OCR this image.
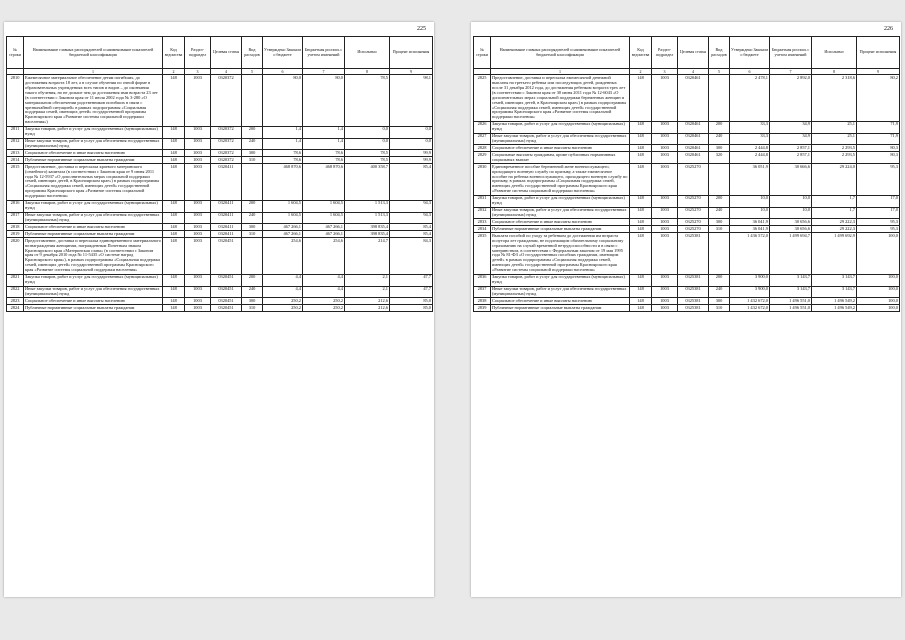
225
№ строки	Наименование главных распорядителей и наименование показателей бюджетной классификации	Код ведомства	Раздел-подраздел	Целевая статья	Вид расходов	Утверждено Законом о бюджете	Бюджетная роспись с учетом изменений	Исполнено	Процент исполнения
	1	2	3	4	5	6	7	8	9
2810	Ежемесячное материальное обеспечение детям погибших, до достижения возраста 18 лет, а в случае обучения по очной форме в образовательных учреждениях всех типов и видов – до окончания такого обучения, но не дольше чем до достижения ими возраста 23 лет (в соответствии с Законом края от 11 июля 2002 года № 3-280 «О материальном обеспечении родственников погибших в связи с чрезвычайной ситуацией» в рамках подпрограммы «Социальная поддержка семей, имеющих детей» государственной программы Красноярского края «Развитие системы социальной поддержки населения»)	148	1003	0320372		80,0	80,0	78,5	98,1
2811	Закупка товаров, работ и услуг для государственных (муниципальных) нужд	148	1003	0320372	200	1,4	1,4	0,0	0,0
2812	Иные закупки товаров, работ и услуг для обеспечения государственных (муниципальных) нужд	148	1003	0320372	240	1,4	1,4	0,0	0,0
2813	Социальное обеспечение и иные выплаты населению	148	1003	0320372	300	78,6	78,6	78,5	99,9
2814	Публичные нормативные социальные выплаты гражданам	148	1003	0320372	310	78,6	78,6	78,5	99,9
2815	Предоставление, доставка и пересылка краевого материнского (семейного) капитала (в соответствии с Законом края от 9 июня 2011 года № 12-5937 «О дополнительных мерах социальной поддержки семей, имеющих детей, в Красноярском крае») в рамках подпрограммы «Социальная поддержка семей, имеющих детей» государственной программы Красноярского края «Развитие системы социальной поддержки населения»	148	1003	0320411		468 870,6	468 870,6	400 358,7	85,4
2816	Закупка товаров, работ и услуг для государственных (муниципальных) нужд	148	1003	0320411	200	1 604,5	1 604,5	1 513,3	94,3
2817	Иные закупки товаров, работ и услуг для обеспечения государственных (муниципальных) нужд	148	1003	0320411	240	1 604,5	1 604,5	1 513,3	94,3
2818	Социальное обеспечение и иные выплаты населению	148	1003	0320411	300	467 266,1	467 266,1	398 835,4	85,4
2819	Публичные нормативные социальные выплаты гражданам	148	1003	0320411	310	467 266,1	467 266,1	398 835,4	85,4
2820	Предоставление, доставка и пересылка единовременного материального вознаграждения женщинам, награжденным Почетным знаком Красноярского края «Материнская слава» (в соответствии с Законом края от 9 декабря 2010 года № 11-5435 «О системе наград Красноярского края»), в рамках подпрограммы «Социальная поддержка семей, имеющих детей» государственной программы Красноярского края «Развитие системы социальной поддержки населения»	148	1003	0320451		254,6	254,6	214,7	84,3
2821	Закупка товаров, работ и услуг для государственных (муниципальных) нужд	148	1003	0320451	200	4,4	4,4	2,1	47,7
2822	Иные закупки товаров, работ и услуг для обеспечения государственных (муниципальных) нужд	148	1003	0320451	240	4,4	4,4	2,1	47,7
2823	Социальное обеспечение и иные выплаты населению	148	1003	0320451	300	250,2	250,2	212,6	85,0
2824	Публичные нормативные социальные выплаты гражданам	148	1003	0320451	310	250,2	250,2	212,6	85,0
226
№ строки	Наименование главных распорядителей и наименование показателей бюджетной классификации	Код ведомства	Раздел-подраздел	Целевая статья	Вид расходов	Утверждено Законом о бюджете	Бюджетная роспись с учетом изменений	Исполнено	Процент исполнения
	1	2	3	4	5	6	7	8	9
2825	Предоставление, доставка и пересылка ежемесячной денежной выплаты на третьего ребенка или последующих детей, рожденных после 31 декабря 2012 года, до достижения ребенком возраста трех лет (в соответствии с Законом края от 30 июня 2011 года № 12-6043 «О дополнительных мерах социальной поддержки беременных женщин и семей, имеющих детей, в Красноярском крае») в рамках подпрограммы «Социальная поддержка семей, имеющих детей» государственной программы Красноярского края «Развитие системы социальной поддержки населения»	148	1003	0320461		2 478,1	2 892,0	2 318,6	80,2
2826	Закупка товаров, работ и услуг для государственных (муниципальных) нужд	148	1003	0320461	200	33,3	34,9	25,1	71,9
2827	Иные закупки товаров, работ и услуг для обеспечения государственных (муниципальных) нужд	148	1003	0320461	240	33,3	34,9	25,1	71,9
2828	Социальное обеспечение и иные выплаты населению	148	1003	0320461	300	2 444,8	2 857,1	2 293,5	80,3
2829	Социальные выплаты гражданам, кроме публичных нормативных социальных выплат	148	1003	0320461	320	2 444,8	2 857,1	2 293,5	80,3
2830	Единовременное пособие беременной жене военнослужащего, проходящего военную службу по призыву, а также ежемесячное пособие на ребенка военнослужащего, проходящего военную службу по призыву, в рамках подпрограммы «Социальная поддержка семей, имеющих детей» государственной программы Красноярского края «Развитие системы социальной поддержки населения»	148	1003	0325270		36 051,9	30 666,6	29 224,0	95,3
2831	Закупка товаров, работ и услуг для государственных (муниципальных) нужд	148	1003	0325270	200	10,0	10,0	1,7	17,0
2832	Иные закупки товаров, работ и услуг для обеспечения государственных (муниципальных) нужд	148	1003	0325270	240	10,0	10,0	1,7	17,0
2833	Социальное обеспечение и иные выплаты населению	148	1003	0325270	300	36 041,9	30 656,6	29 222,3	95,3
2834	Публичные нормативные социальные выплаты гражданам	148	1003	0325270	310	36 041,9	30 656,6	29 222,3	95,3
2835	Выплата пособий по уходу за ребенком до достижения им возраста полутора лет гражданам, не подлежащим обязательному социальному страхованию на случай временной нетрудоспособности и в связи с материнством, в соответствии с Федеральным законом от 19 мая 1995 года № 81-ФЗ «О государственных пособиях гражданам, имеющим детей» в рамках подпрограммы «Социальная поддержка семей, имеющих детей» государственной программы Красноярского края «Развитие системы социальной поддержки населения»	148	1003	0325381		1 436 572,0	1 499 694,7	1 499 692,9	100,0
2836	Закупка товаров, работ и услуг для государственных (муниципальных) нужд	148	1003	0325381	200	3 900,0	3 143,7	3 143,7	100,0
2837	Иные закупки товаров, работ и услуг для обеспечения государственных (муниципальных) нужд	148	1003	0325381	240	3 900,0	3 143,7	3 143,7	100,0
2838	Социальное обеспечение и иные выплаты населению	148	1003	0325381	300	1 432 672,0	1 496 551,0	1 496 549,2	100,0
2839	Публичные нормативные социальные выплаты гражданам	148	1003	0325381	310	1 432 672,0	1 496 551,0	1 496 549,2	100,0
